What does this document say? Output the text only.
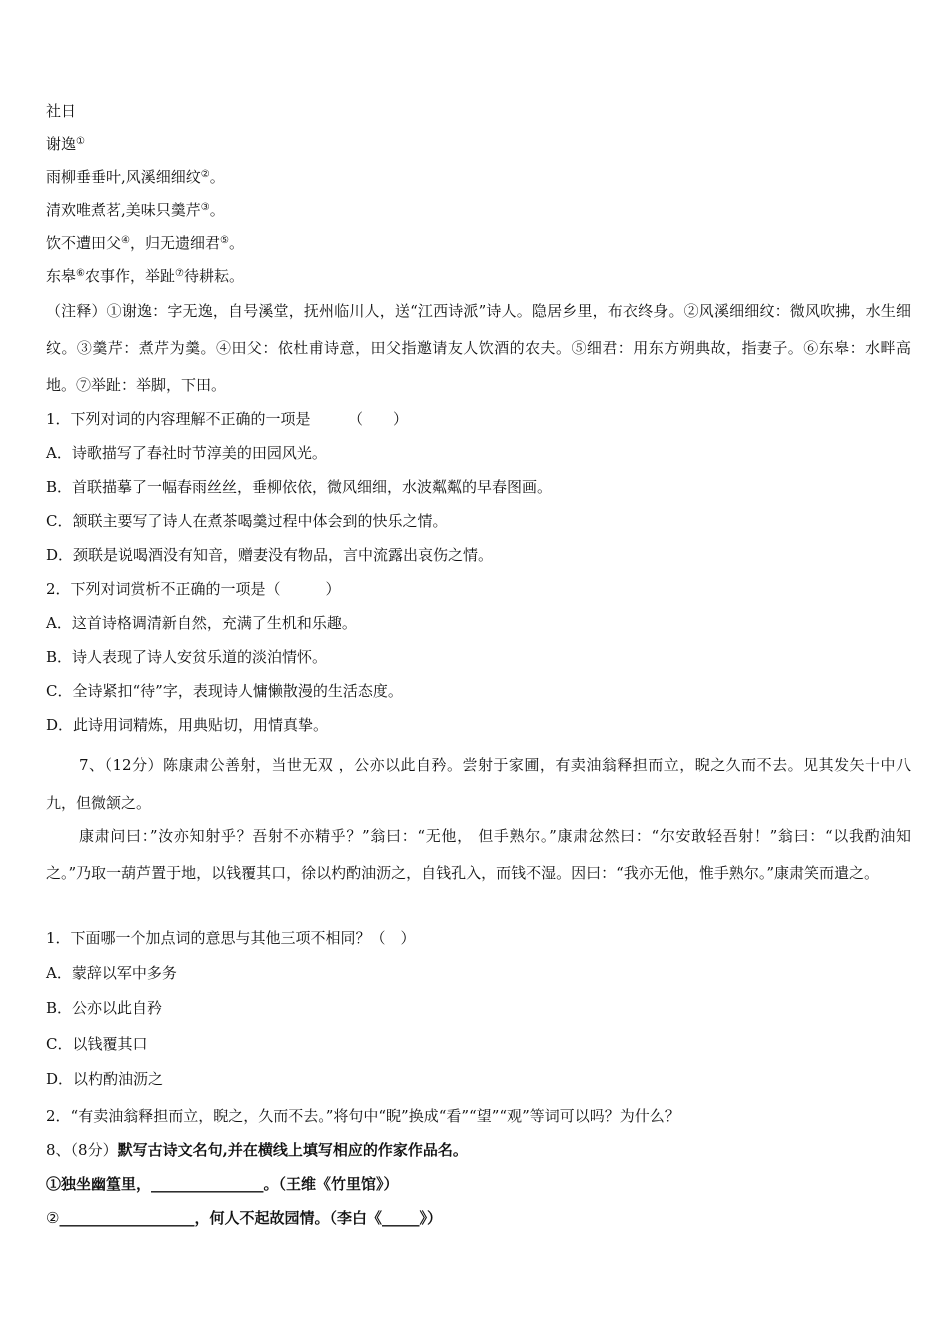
社日
谢逸①
雨柳垂垂叶,风溪细细纹②。
清欢唯煮茗,美味只羹芹③。
饮不遭田父④，归无遗细君⑤。
东皋⑥农事作，举趾⑦待耕耘。
（注释）①谢逸：字无逸，自号溪堂，抚州临川人，送“江西诗派”诗人。隐居乡里，布衣终身。②风溪细细纹：微风吹拂，水生细纹。③羹芹：煮芹为羹。④田父：依杜甫诗意，田父指邀请友人饮酒的农夫。⑤细君：用东方朔典故，指妻子。⑥东皋：水畔高地。⑦举趾：举脚，下田。
1．下列对词的内容理解不正确的一项是　　　（　　）
A．诗歌描写了春社时节淳美的田园风光。
B．首联描摹了一幅春雨丝丝，垂柳依依，微风细细，水波粼粼的早春图画。
C．颔联主要写了诗人在煮茶喝羹过程中体会到的快乐之情。
D．颈联是说喝酒没有知音，赠妻没有物品，言中流露出哀伤之情。
2．下列对词赏析不正确的一项是（　　　）
A．这首诗格调清新自然，充满了生机和乐趣。
B．诗人表现了诗人安贫乐道的淡泊情怀。
C．全诗紧扣“待”字，表现诗人慵懒散漫的生活态度。
D．此诗用词精炼，用典贴切，用情真挚。
7、（12分）陈康肃公善射，当世无双 ，公亦以此自矜。尝射于家圃，有卖油翁释担而立，睨之久而不去。见其发矢十中八九，但微颔之。
康肃问曰：”汝亦知射乎？吾射不亦精乎？”翁曰：“无他， 但手熟尔。”康肃忿然曰：“尔安敢轻吾射！”翁曰：“以我酌油知之。”乃取一葫芦置于地，以钱覆其口，徐以杓酌油沥之，自钱孔入，而钱不湿。因曰：“我亦无他，惟手熟尔。”康肃笑而遣之。
1．下面哪一个加点词的意思与其他三项不相同？（　）
A．蒙辞以军中多务
B．公亦以此自矜
C．以钱覆其口
D．以杓酌油沥之
2．“有卖油翁释担而立，睨之，久而不去。”将句中“睨”换成“看”“望”“观”等词可以吗？为什么？
8、（8分）默写古诗文名句,并在横线上填写相应的作家作品名。
①独坐幽篁里，_______________。（王维《竹里馆》）
②__________________，何人不起故园情。（李白《_____》）
